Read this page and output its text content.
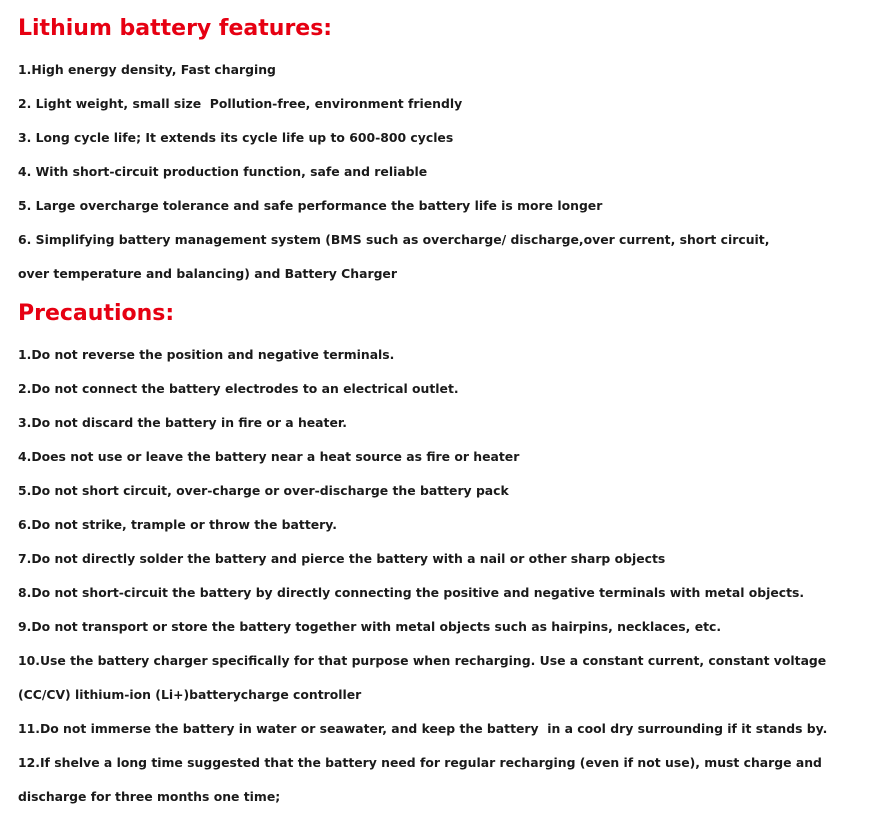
Lithium battery features:

1.High energy density, Fast charging

2. Light weight, small size  Pollution-free, environment friendly

3. Long cycle life; It extends its cycle life up to 600-800 cycles

4. With short-circuit production function, safe and reliable

5. Large overcharge tolerance and safe performance the battery life is more longer

6. Simplifying battery management system (BMS such as overcharge/ discharge,over current, short circuit,

over temperature and balancing) and Battery Charger

Precautions:

1.Do not reverse the position and negative terminals.

2.Do not connect the battery electrodes to an electrical outlet.

3.Do not discard the battery in fire or a heater.

4.Does not use or leave the battery near a heat source as fire or heater

5.Do not short circuit, over-charge or over-discharge the battery pack

6.Do not strike, trample or throw the battery.

7.Do not directly solder the battery and pierce the battery with a nail or other sharp objects

8.Do not short-circuit the battery by directly connecting the positive and negative terminals with metal objects.

9.Do not transport or store the battery together with metal objects such as hairpins, necklaces, etc.

10.Use the battery charger specifically for that purpose when recharging. Use a constant current, constant voltage

(CC/CV) lithium-ion (Li+)batterycharge controller

11.Do not immerse the battery in water or seawater, and keep the battery  in a cool dry surrounding if it stands by.

12.If shelve a long time suggested that the battery need for regular recharging (even if not use), must charge and

discharge for three months one time;
